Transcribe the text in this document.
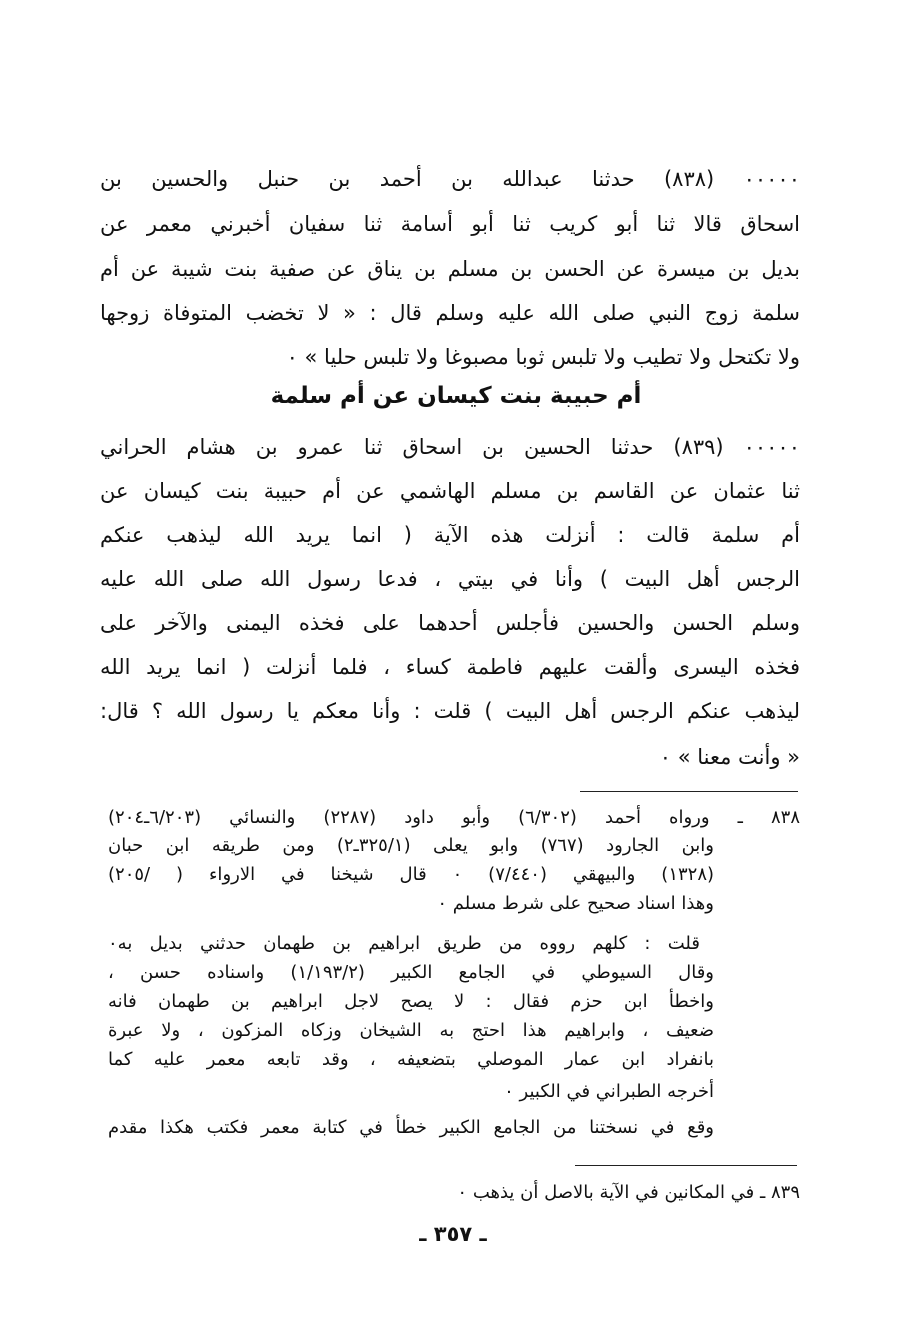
٠٠٠٠٠ (٨٣٨) حدثنا عبدالله بن أحمد بن حنبل والحسين بن
اسحاق قالا ثنا أبو كريب ثنا أبو أسامة ثنا سفيان أخبرني معمر عن
بديل بن ميسرة عن الحسن بن مسلم بن يناق عن صفية بنت شيبة عن أم
سلمة زوج النبي صلى الله عليه وسلم قال : « لا تخضب المتوفاة زوجها
ولا تكتحل ولا تطيب ولا تلبس ثوبا مصبوغا ولا تلبس حليا » ٠
أم حبيبة بنت كيسان عن أم سلمة
٠٠٠٠٠ (٨٣٩) حدثنا الحسين بن اسحاق ثنا عمرو بن هشام الحراني
ثنا عثمان عن القاسم بن مسلم الهاشمي عن أم حبيبة بنت كيسان عن
أم سلمة قالت : أنزلت هذه الآية ( انما يريد الله ليذهب عنكم
الرجس أهل البيت ) وأنا في بيتي ، فدعا رسول الله صلى الله عليه
وسلم الحسن والحسين فأجلس أحدهما على فخذه اليمنى والآخر على
فخذه اليسرى وألقت عليهم فاطمة كساء ، فلما أنزلت ( انما يريد الله
ليذهب عنكم الرجس أهل البيت ) قلت : وأنا معكم يا رسول الله ؟ قال:
« وأنت معنا » ٠
٨٣٨ ـ ورواه أحمد (٦/٣٠٢) وأبو داود (٢٢٨٧) والنسائي (٦/٢٠٣ـ٢٠٤)
وابن الجارود (٧٦٧) وابو يعلى (٣٢٥/١ـ٢) ومن طريقه ابن حبان
(١٣٢٨) والبيهقي (٧/٤٤٠) ٠ قال شيخنا في الارواء ( /٢٠٥)
وهذا اسناد صحيح على شرط مسلم ٠
قلت : كلهم رووه من طريق ابراهيم بن طهمان حدثني بديل به٠
وقال السيوطي في الجامع الكبير (١/١٩٣/٢) واسناده حسن ،
واخطأ ابن حزم فقال : لا يصح لاجل ابراهيم بن طهمان فانه
ضعيف ، وابراهيم هذا احتج به الشيخان وزكاه المزكون ، ولا عبرة
بانفراد ابن عمار الموصلي بتضعيفه ، وقد تابعه معمر عليه كما
أخرجه الطبراني في الكبير ٠
وقع في نسختنا من الجامع الكبير خطأ في كتابة معمر فكتب هكذا مقدم
٨٣٩ ـ في المكانين في الآية بالاصل أن يذهب ٠
ـ ٣٥٧ ـ
